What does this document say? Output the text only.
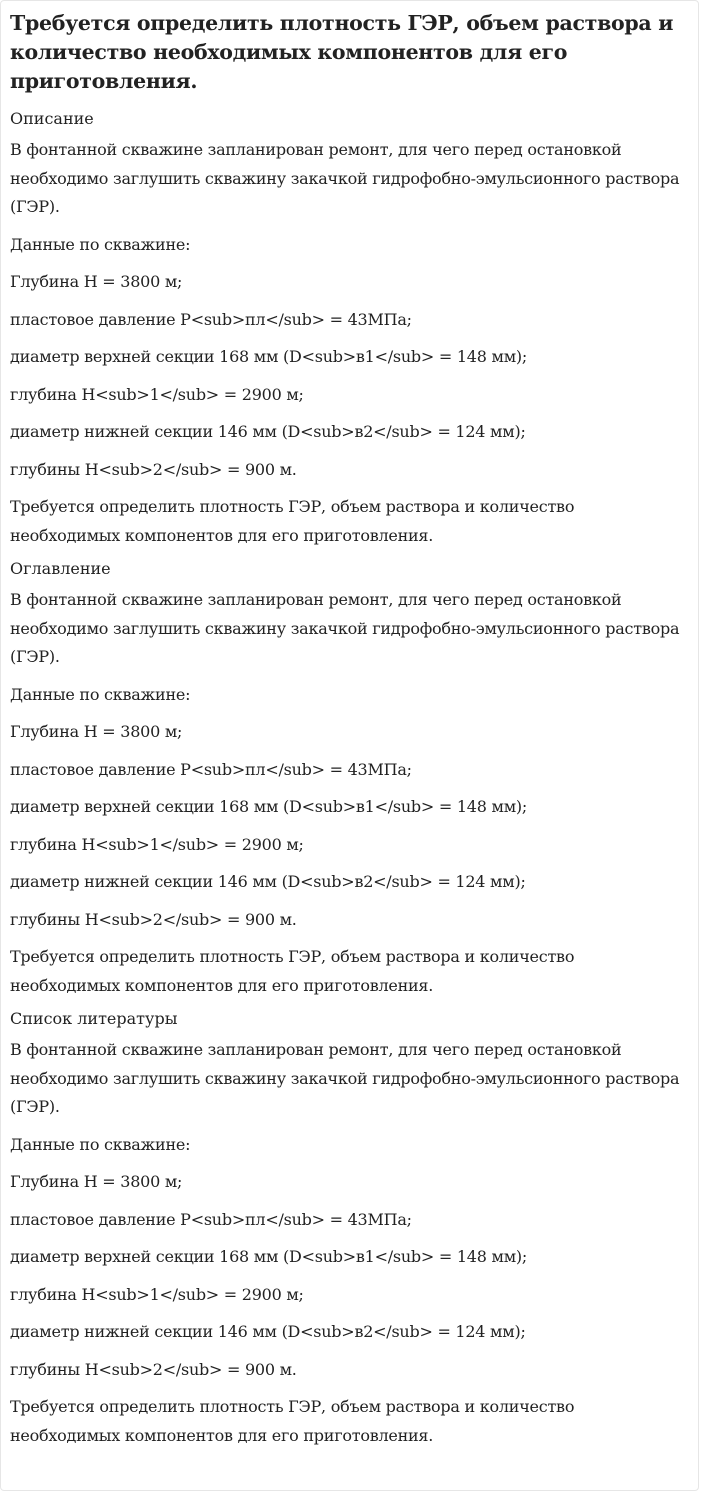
Требуется определить плотность ГЭР, объем раствора и количество необходимых компонентов для его приготовления.
Описание

В фонтанной скважине запланирован ремонт, для чего перед остановкой необходимо заглушить скважину закачкой гидрофобно-эмульсионного раствора (ГЭР).

Данные по скважине:

Глубина Н = 3800 м;

пластовое давление P<sub>пл</sub> = 43МПа;

диаметр верхней секции 168 мм (D<sub>в1</sub> = 148 мм);

глубина Н<sub>1</sub> = 2900 м;

диаметр нижней секции 146 мм (D<sub>в2</sub> = 124 мм);

глубины Н<sub>2</sub> = 900 м.

Требуется определить плотность ГЭР, объем раствора и количество необходимых компонентов для его приготовления.

Оглавление

В фонтанной скважине запланирован ремонт, для чего перед остановкой необходимо заглушить скважину закачкой гидрофобно-эмульсионного раствора (ГЭР).

Данные по скважине:

Глубина Н = 3800 м;

пластовое давление P<sub>пл</sub> = 43МПа;

диаметр верхней секции 168 мм (D<sub>в1</sub> = 148 мм);

глубина Н<sub>1</sub> = 2900 м;

диаметр нижней секции 146 мм (D<sub>в2</sub> = 124 мм);

глубины Н<sub>2</sub> = 900 м.

Требуется определить плотность ГЭР, объем раствора и количество необходимых компонентов для его приготовления.

Список литературы

В фонтанной скважине запланирован ремонт, для чего перед остановкой необходимо заглушить скважину закачкой гидрофобно-эмульсионного раствора (ГЭР).

Данные по скважине:

Глубина Н = 3800 м;

пластовое давление P<sub>пл</sub> = 43МПа;

диаметр верхней секции 168 мм (D<sub>в1</sub> = 148 мм);

глубина Н<sub>1</sub> = 2900 м;

диаметр нижней секции 146 мм (D<sub>в2</sub> = 124 мм);

глубины Н<sub>2</sub> = 900 м.

Требуется определить плотность ГЭР, объем раствора и количество необходимых компонентов для его приготовления.
